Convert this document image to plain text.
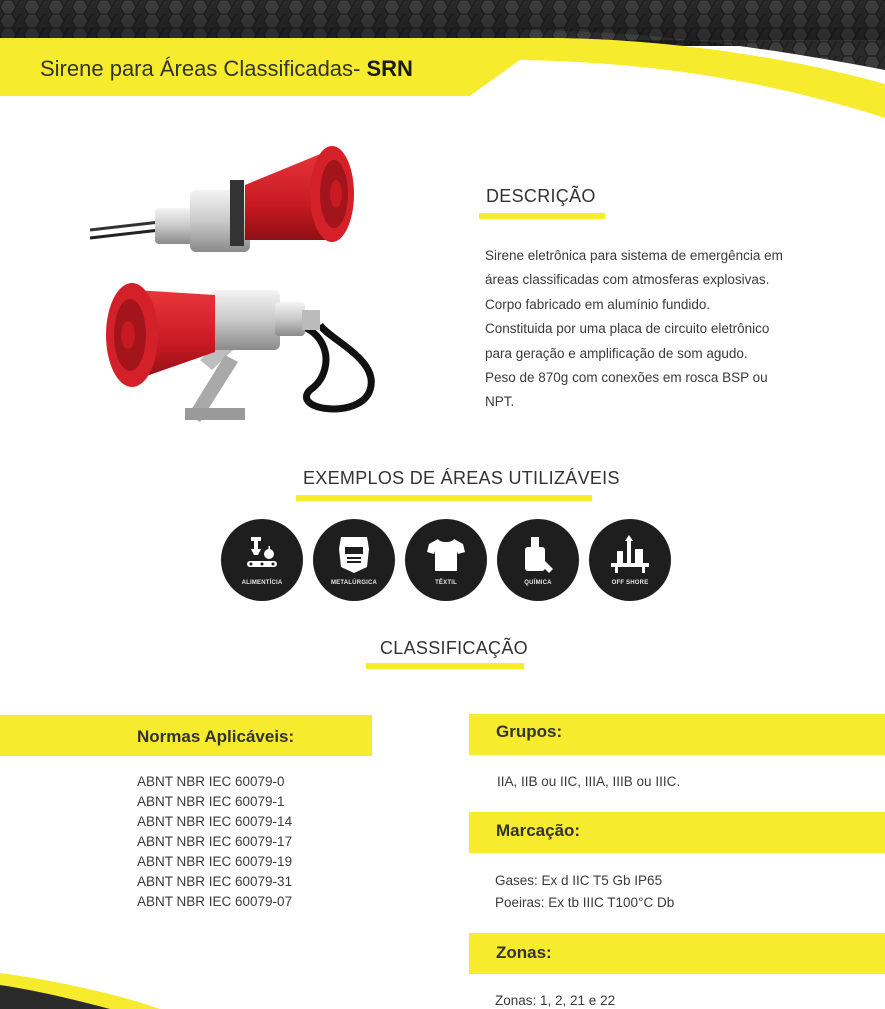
Sirene para Áreas Classificadas- SRN
DESCRIÇÃO
Sirene eletrônica para sistema de emergência em
áreas classificadas com atmosferas explosivas.
Corpo fabricado em alumínio fundido.
Constituida por uma placa de circuito eletrônico
para geração e amplificação de som agudo.
Peso de 870g com conexões em rosca BSP ou
NPT.
EXEMPLOS DE ÁREAS UTILIZÁVEIS
ALIMENTÍCIA	METALÚRGICA	TÊXTIL	QUÍMICA	OFF SHORE
CLASSIFICAÇÃO
Normas Aplicáveis:
ABNT NBR IEC 60079-0
ABNT NBR IEC 60079-1
ABNT NBR IEC 60079-14
ABNT NBR IEC 60079-17
ABNT NBR IEC 60079-19
ABNT NBR IEC 60079-31
ABNT NBR IEC 60079-07
Grupos:
IIA, IIB ou IIC, IIIA, IIIB ou IIIC.
Marcação:
Gases: Ex d IIC T5 Gb IP65
Poeiras: Ex tb IIIC T100°C Db
Zonas:
Zonas: 1, 2, 21 e 22
